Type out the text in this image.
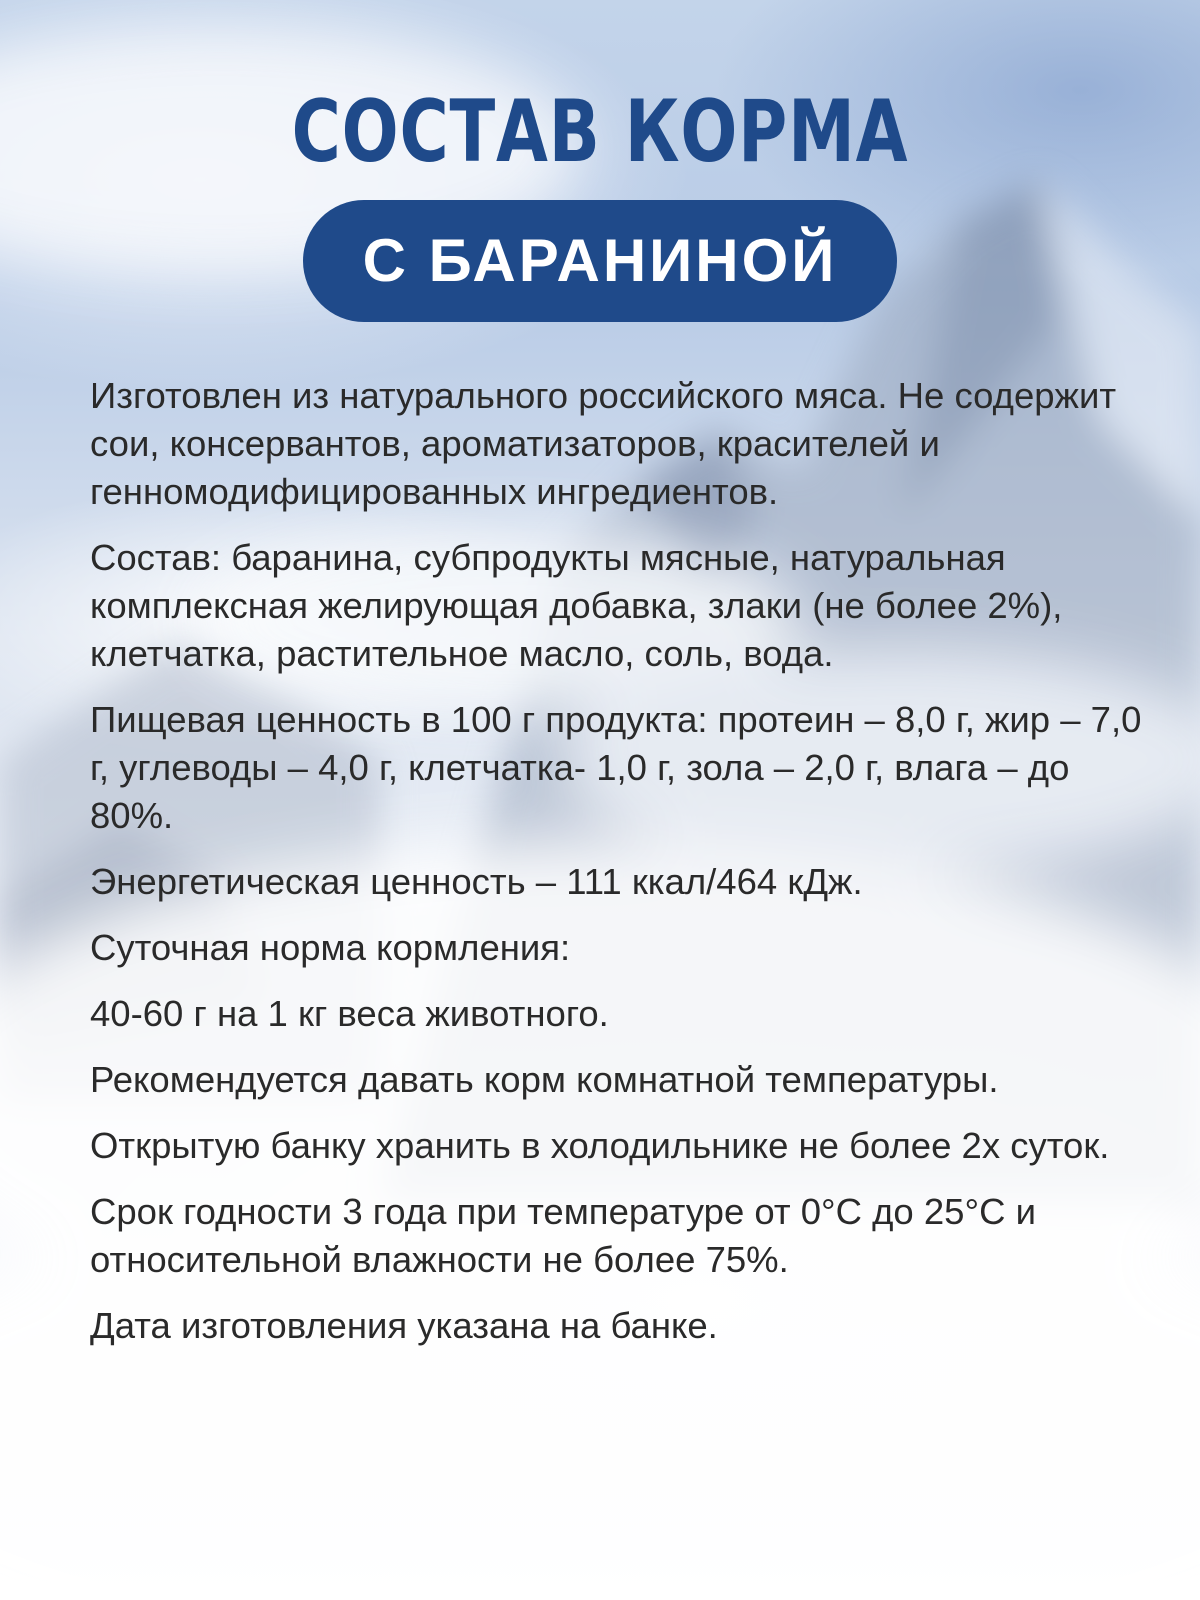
СОСТАВ КОРМА
С БАРАНИНОЙ

Изготовлен из натурального российского мяса. Не содержит сои, консервантов, ароматизаторов, красителей и генномодифицированных ингредиентов.

Состав: баранина, субпродукты мясные, натуральная комплексная желирующая добавка, злаки (не более 2%), клетчатка, растительное масло, соль, вода.

Пищевая ценность в 100 г продукта: протеин – 8,0 г, жир – 7,0 г, углеводы – 4,0 г, клетчатка- 1,0 г, зола – 2,0 г, влага – до 80%.

Энергетическая ценность – 111 ккал/464 кДж.

Суточная норма кормления:

40-60 г на 1 кг веса животного.

Рекомендуется давать корм комнатной температуры.

Открытую банку хранить в холодильнике не более 2х суток.

Срок годности 3 года при температуре от 0°С до 25°С и относительной влажности не более 75%.

Дата изготовления указана на банке.
